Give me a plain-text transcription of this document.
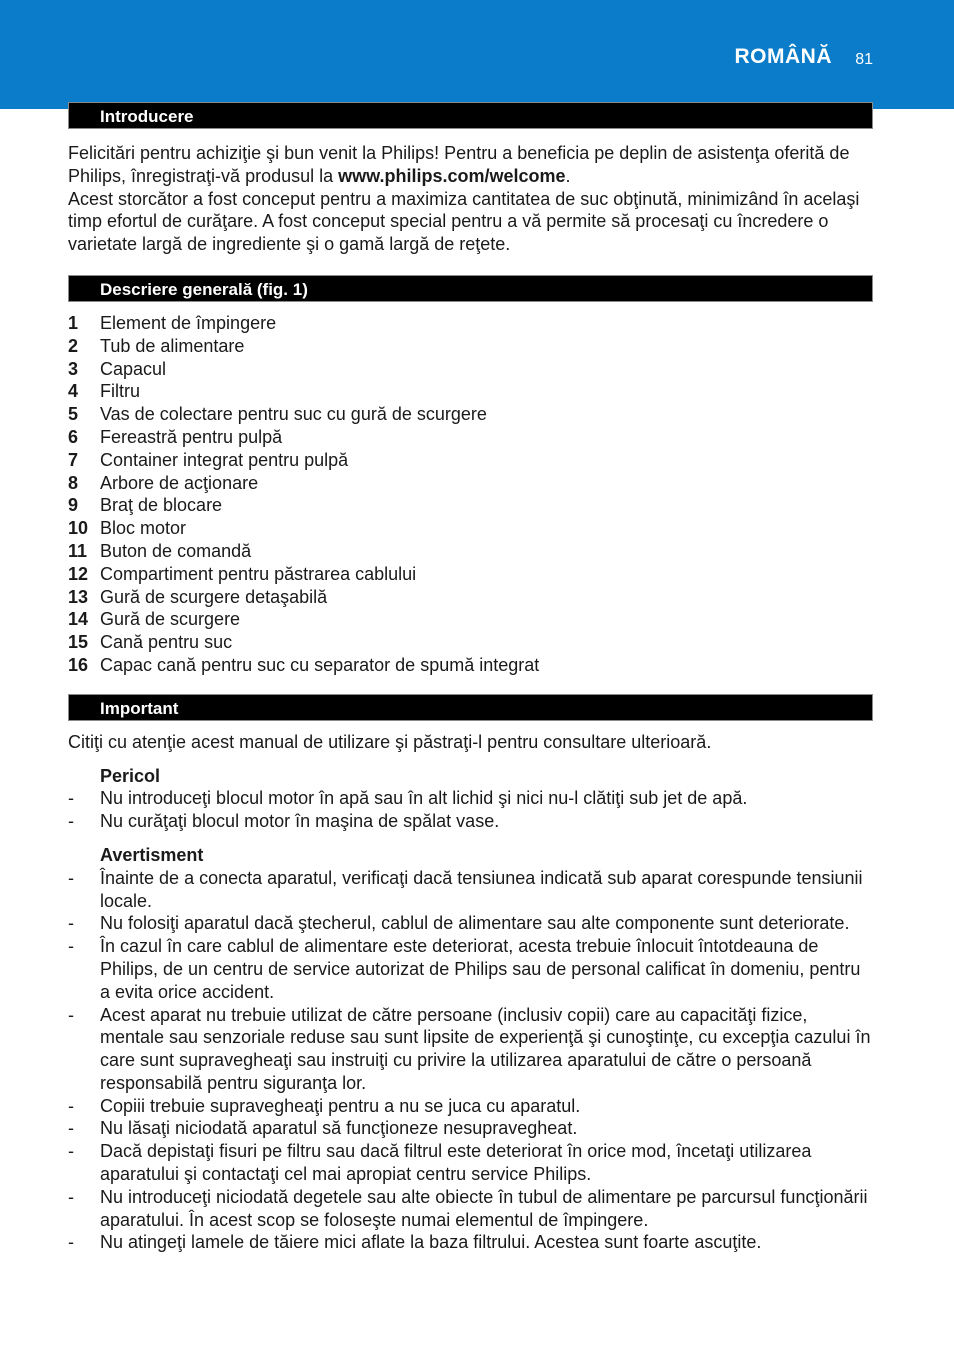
ROMÂNĂ 81
Introducere

Felicitări pentru achiziţie şi bun venit la Philips! Pentru a beneficia pe deplin de asistenţa oferită de Philips, înregistraţi-vă produsul la www.philips.com/welcome.

Acest storcător a fost conceput pentru a maximiza cantitatea de suc obţinută, minimizând în acelaşi timp efortul de curăţare. A fost conceput special pentru a vă permite să procesaţi cu încredere o varietate largă de ingrediente şi o gamă largă de reţete.

Descriere generală (fig. 1)
1	Element de împingere
2	Tub de alimentare
3	Capacul
4	Filtru
5	Vas de colectare pentru suc cu gură de scurgere
6	Fereastră pentru pulpă
7	Container integrat pentru pulpă
8	Arbore de acţionare
9	Braţ de blocare
10 Bloc motor
11 Buton de comandă
12 Compartiment pentru păstrarea cablului
13 Gură de scurgere detaşabilă
14 Gură de scurgere
15 Cană pentru suc
16 Capac cană pentru suc cu separator de spumă integrat
Important

Citiţi cu atenţie acest manual de utilizare şi păstraţi-l pentru consultare ulterioară.

Pericol

-	Nu introduceţi blocul motor în apă sau în alt lichid şi nici nu-l clătiţi sub jet de apă.
-	Nu curăţaţi blocul motor în maşina de spălat vase.

Avertisment

-	Înainte de a conecta aparatul, verificaţi dacă tensiunea indicată sub aparat corespunde tensiunii locale.
-	Nu folosiţi aparatul dacă ştecherul, cablul de alimentare sau alte componente sunt deteriorate.
-	În cazul în care cablul de alimentare este deteriorat, acesta trebuie înlocuit întotdeauna de Philips, de un centru de service autorizat de Philips sau de personal calificat în domeniu, pentru a evita orice accident.
-	Acest aparat nu trebuie utilizat de către persoane (inclusiv copii) care au capacităţi fizice, mentale sau senzoriale reduse sau sunt lipsite de experienţă şi cunoştinţe, cu excepţia cazului în care sunt supravegheaţi sau instruiţi cu privire la utilizarea aparatului de către o persoană responsabilă pentru siguranţa lor.
-	Copiii trebuie supravegheaţi pentru a nu se juca cu aparatul.
-	Nu lăsaţi niciodată aparatul să funcţioneze nesupravegheat.
-	Dacă depistaţi fisuri pe filtru sau dacă filtrul este deteriorat în orice mod, încetaţi utilizarea aparatului şi contactaţi cel mai apropiat centru service Philips.
-	Nu introduceţi niciodată degetele sau alte obiecte în tubul de alimentare pe parcursul funcţionării aparatului. În acest scop se foloseşte numai elementul de împingere.
-	Nu atingeţi lamele de tăiere mici aflate la baza filtrului. Acestea sunt foarte ascuţite.
